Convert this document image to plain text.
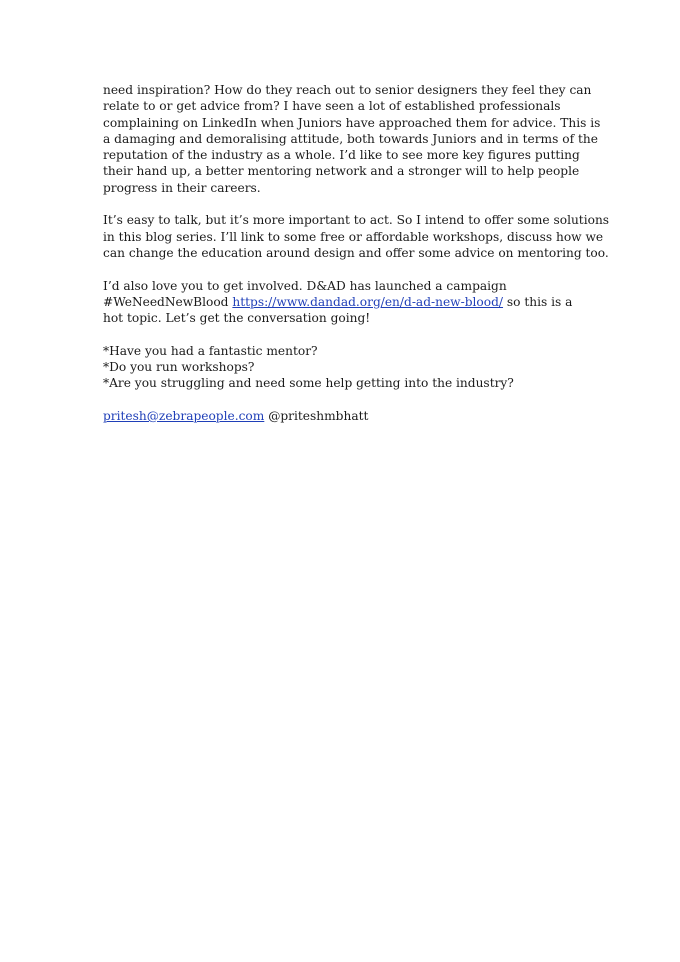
need inspiration? How do they reach out to senior designers they feel they can
relate to or get advice from? I have seen a lot of established professionals
complaining on LinkedIn when Juniors have approached them for advice. This is
a damaging and demoralising attitude, both towards Juniors and in terms of the
reputation of the industry as a whole. I’d like to see more key figures putting
their hand up, a better mentoring network and a stronger will to help people
progress in their careers.
It’s easy to talk, but it’s more important to act. So I intend to offer some solutions
in this blog series. I’ll link to some free or affordable workshops, discuss how we
can change the education around design and offer some advice on mentoring too.
I’d also love you to get involved. D&AD has launched a campaign
#WeNeedNewBlood https://www.dandad.org/en/d-ad-new-blood/ so this is a
hot topic. Let’s get the conversation going!
*Have you had a fantastic mentor?
*Do you run workshops?
*Are you struggling and need some help getting into the industry?
pritesh@zebrapeople.com @priteshmbhatt
